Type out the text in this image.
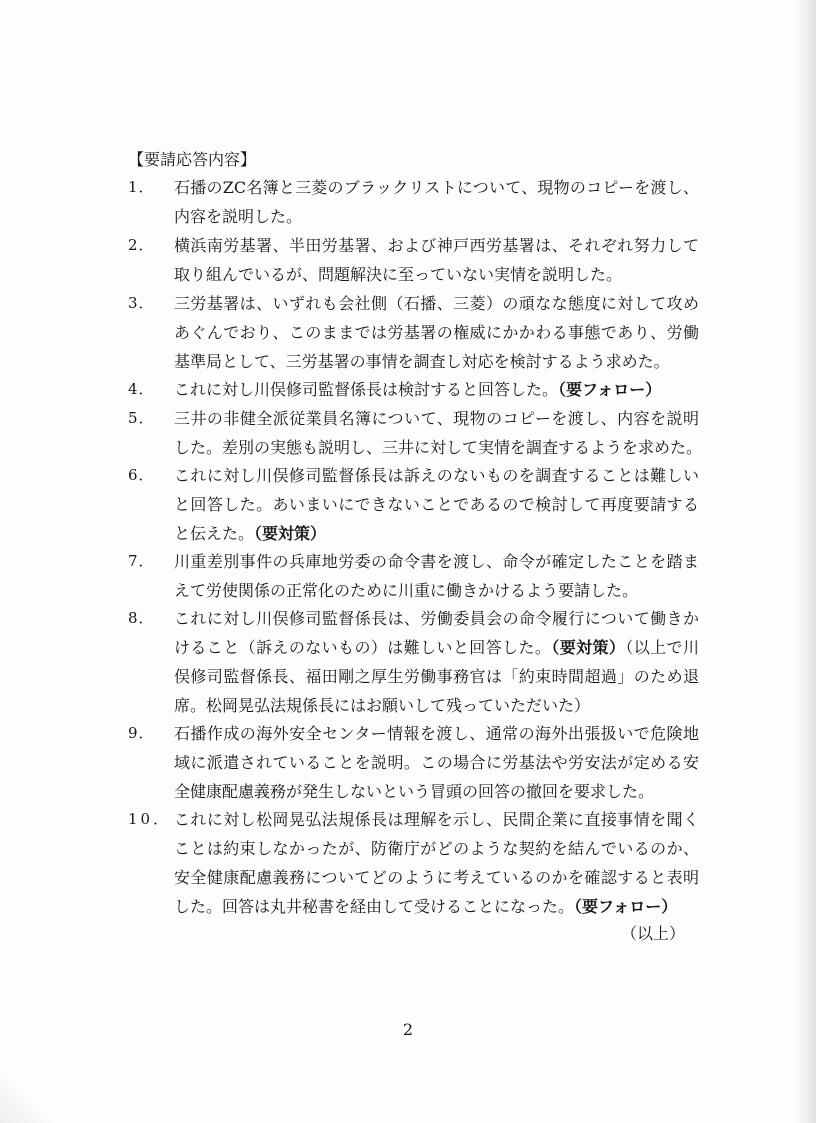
【要請応答内容】
1．	石播のZC名簿と三菱のブラックリストについて、現物のコピーを渡し、
内容を説明した。
2．	横浜南労基署、半田労基署、および神戸西労基署は、それぞれ努力して
取り組んでいるが、問題解決に至っていない実情を説明した。
3．	三労基署は、いずれも会社側（石播、三菱）の頑なな態度に対して攻め
あぐんでおり、このままでは労基署の権威にかかわる事態であり、労働
基準局として、三労基署の事情を調査し対応を検討するよう求めた。
4．	これに対し川俣修司監督係長は検討すると回答した。（要フォロー）
5．	三井の非健全派従業員名簿について、現物のコピーを渡し、内容を説明
した。差別の実態も説明し、三井に対して実情を調査するようを求めた。
6．	これに対し川俣修司監督係長は訴えのないものを調査することは難しい
と回答した。あいまいにできないことであるので検討して再度要請する
と伝えた。（要対策）
7．	川重差別事件の兵庫地労委の命令書を渡し、命令が確定したことを踏ま
えて労使関係の正常化のために川重に働きかけるよう要請した。
8．	これに対し川俣修司監督係長は、労働委員会の命令履行について働きか
けること（訴えのないもの）は難しいと回答した。（要対策）（以上で川
俣修司監督係長、福田剛之厚生労働事務官は「約束時間超過」のため退
席。松岡晃弘法規係長にはお願いして残っていただいた）
9．	石播作成の海外安全センター情報を渡し、通常の海外出張扱いで危険地
域に派遣されていることを説明。この場合に労基法や労安法が定める安
全健康配慮義務が発生しないという冒頭の回答の撤回を要求した。
10． これに対し松岡晃弘法規係長は理解を示し、民間企業に直接事情を聞く
ことは約束しなかったが、防衛庁がどのような契約を結んでいるのか、
安全健康配慮義務についてどのように考えているのかを確認すると表明
した。回答は丸井秘書を経由して受けることになった。（要フォロー）
（以上）
2
